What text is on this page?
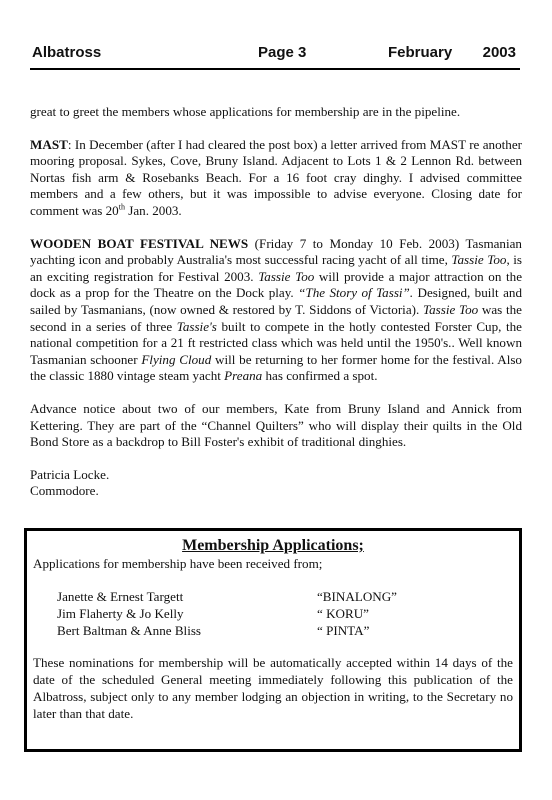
Albatross	Page 3	February 2003

great to greet the members whose applications for membership are in the pipeline.

MAST: In December (after I had cleared the post box) a letter arrived from MAST re another mooring proposal. Sykes, Cove, Bruny Island. Adjacent to Lots 1 & 2 Lennon Rd. between Nortas fish arm & Rosebanks Beach. For a 16 foot cray dinghy. I advised committee members and a few others, but it was impossible to advise everyone. Closing date for comment was 20th Jan. 2003.

WOODEN BOAT FESTIVAL NEWS (Friday 7 to Monday 10 Feb. 2003) Tasmanian yachting icon and probably Australia's most successful racing yacht of all time, Tassie Too, is an exciting registration for Festival 2003. Tassie Too will provide a major attraction on the dock as a prop for the Theatre on the Dock play. “The Story of Tassi”. Designed, built and sailed by Tasmanians, (now owned & restored by T. Siddons of Victoria). Tassie Too was the second in a series of three Tassie's built to compete in the hotly contested Forster Cup, the national competition for a 21 ft restricted class which was held until the 1950's.. Well known Tasmanian schooner Flying Cloud will be returning to her former home for the festival. Also the classic 1880 vintage steam yacht Preana has confirmed a spot.

Advance notice about two of our members, Kate from Bruny Island and Annick from Kettering. They are part of the “Channel Quilters” who will display their quilts in the Old Bond Store as a backdrop to Bill Foster's exhibit of traditional dinghies.

Patricia Locke.

Commodore.

Membership Applications;
Applications for membership have been received from;
Janette & Ernest Targett	“BINALONG”
Jim Flaherty & Jo Kelly	“ KORU”
Bert Baltman & Anne Bliss	“ PINTA”
These nominations for membership will be automatically accepted within 14 days of the date of the scheduled General meeting immediately following this publication of the Albatross, subject only to any member lodging an objection in writing, to the Secretary no later than that date.
